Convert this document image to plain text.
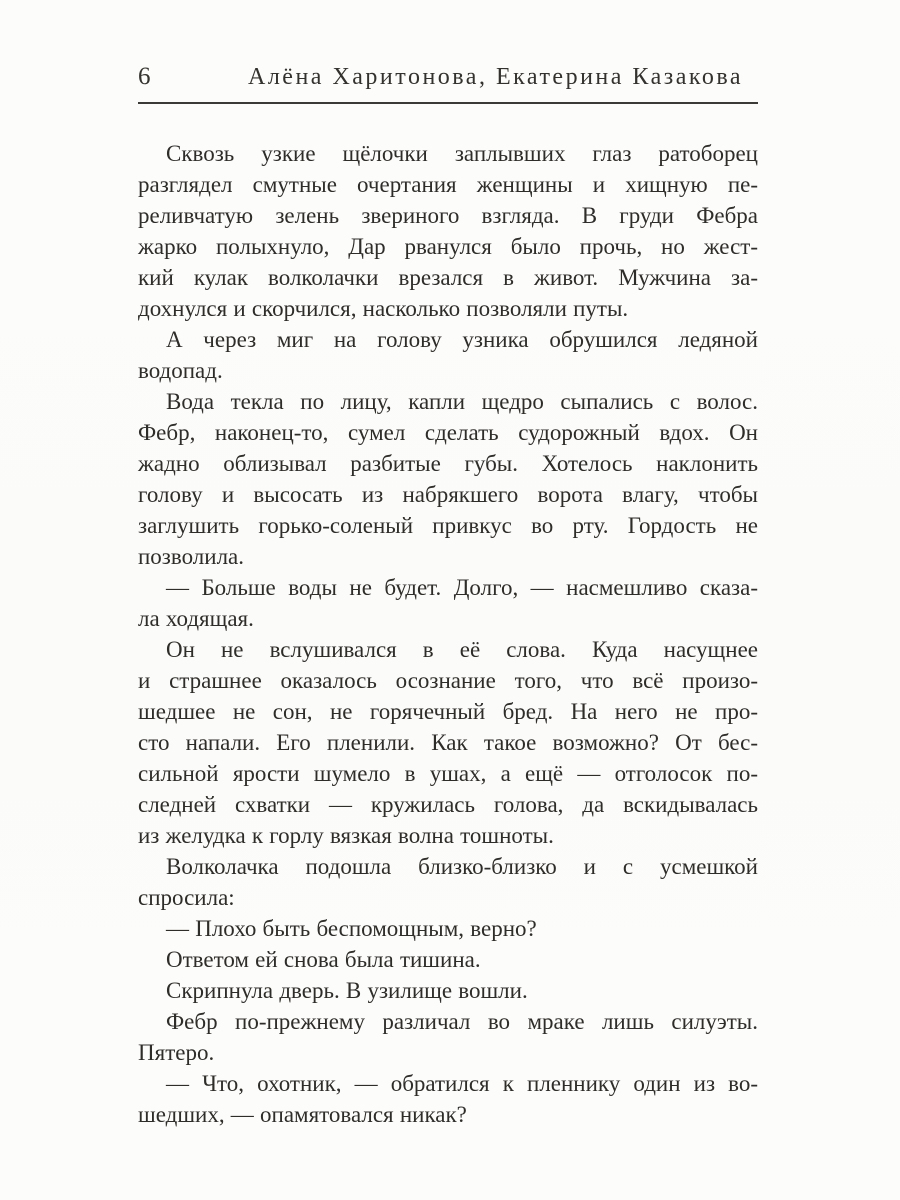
6	Алёна Харитонова, Екатерина Казакова
Сквозь узкие щёлочки заплывших глаз ратоборец
разглядел смутные очертания женщины и хищную пе-
реливчатую зелень звериного взгляда. В груди Фебра
жарко полыхнуло, Дар рванулся было прочь, но жест-
кий кулак волколачки врезался в живот. Мужчина за-
дохнулся и скорчился, насколько позволяли путы.
А через миг на голову узника обрушился ледяной
водопад.
Вода текла по лицу, капли щедро сыпались с волос.
Фебр, наконец-то, сумел сделать судорожный вдох. Он
жадно облизывал разбитые губы. Хотелось наклонить
голову и высосать из набрякшего ворота влагу, чтобы
заглушить горько-соленый привкус во рту. Гордость не
позволила.
— Больше воды не будет. Долго, — насмешливо сказа-
ла ходящая.
Он не вслушивался в её слова. Куда насущнее
и страшнее оказалось осознание того, что всё произо-
шедшее не сон, не горячечный бред. На него не про-
сто напали. Его пленили. Как такое возможно? От бес-
сильной ярости шумело в ушах, а ещё — отголосок по-
следней схватки — кружилась голова, да вскидывалась
из желудка к горлу вязкая волна тошноты.
Волколачка подошла близко-близко и с усмешкой
спросила:
— Плохо быть беспомощным, верно?
Ответом ей снова была тишина.
Скрипнула дверь. В узилище вошли.
Фебр по-прежнему различал во мраке лишь силуэты.
Пятеро.
— Что, охотник, — обратился к пленнику один из во-
шедших, — опамятовался никак?
